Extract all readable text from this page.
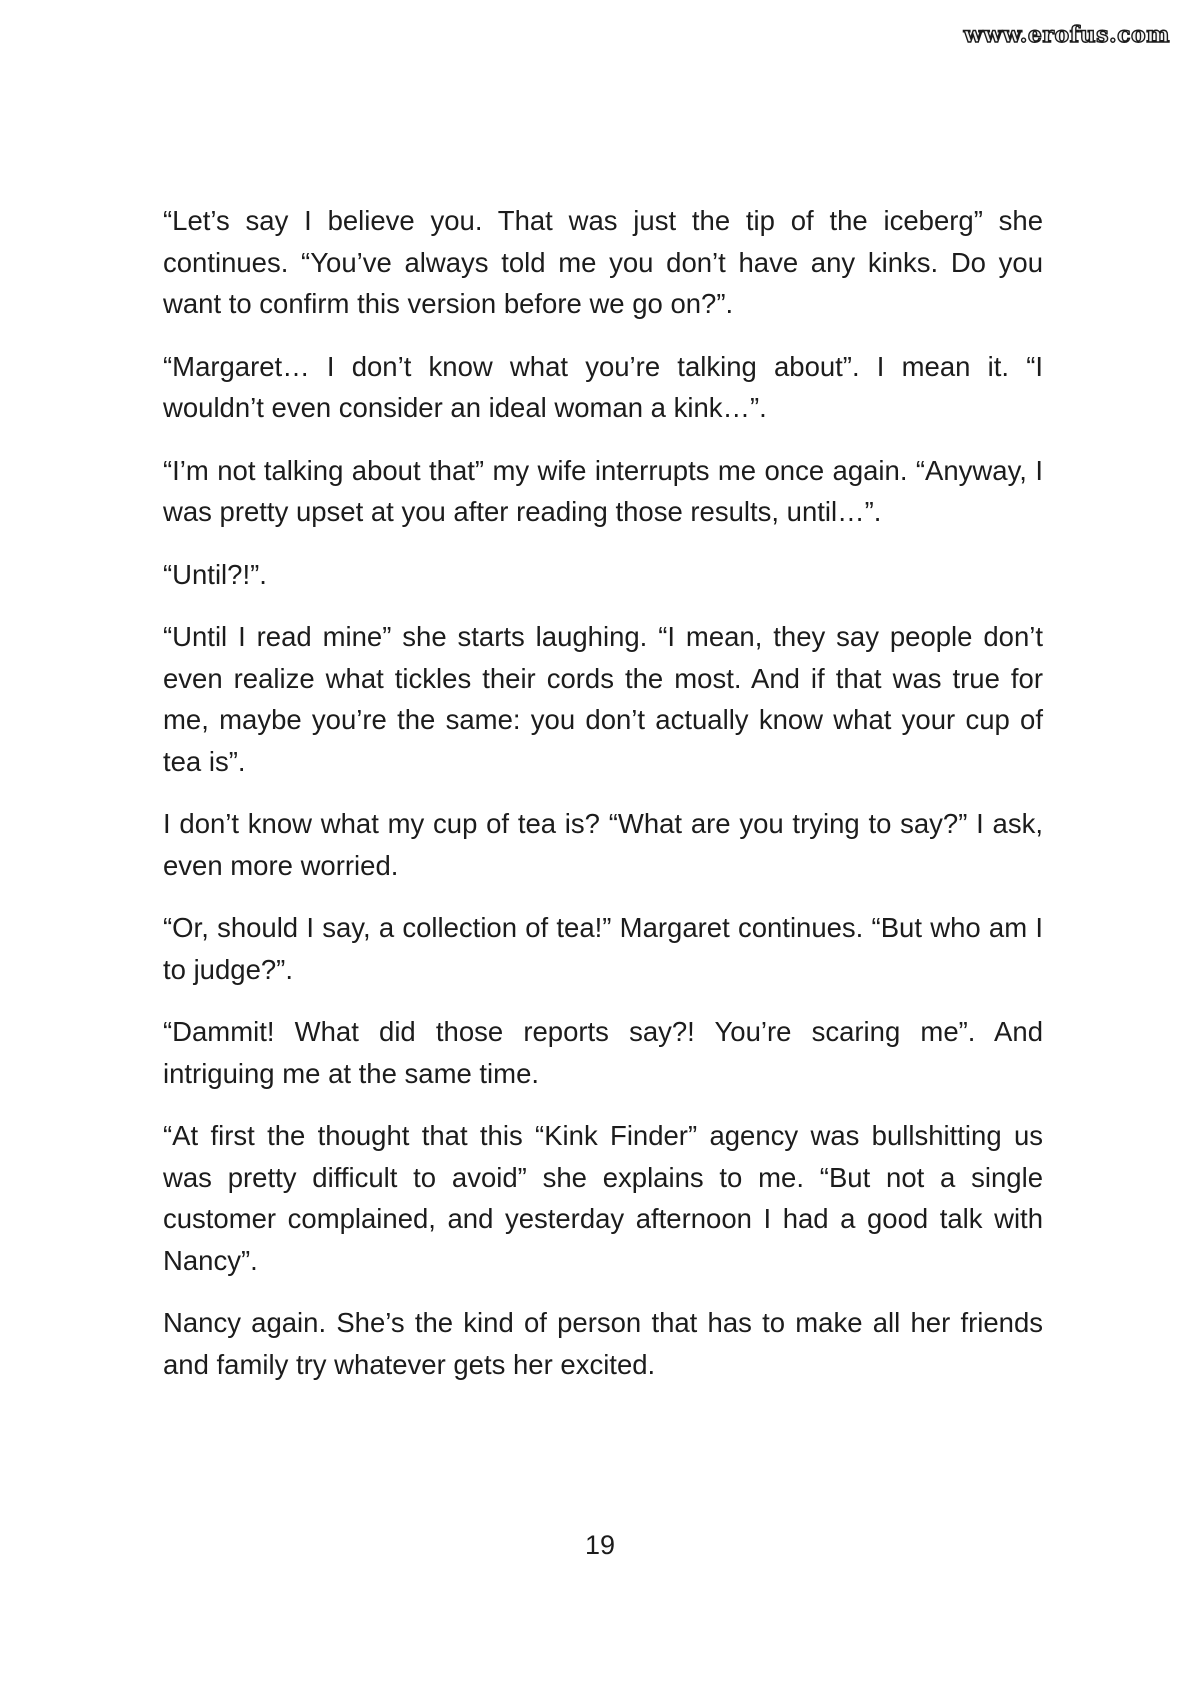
www.erofus.com

“Let’s say I believe you. That was just the tip of the iceberg” she continues. “You’ve always told me you don’t have any kinks. Do you want to confirm this version before we go on?”.

“Margaret… I don’t know what you’re talking about”. I mean it. “I wouldn’t even consider an ideal woman a kink…”.

“I’m not talking about that” my wife interrupts me once again. “Anyway, I was pretty upset at you after reading those results, until…”.

“Until?!”.

“Until I read mine” she starts laughing. “I mean, they say people don’t even realize what tickles their cords the most. And if that was true for me, maybe you’re the same: you don’t actually know what your cup of tea is”.

I don’t know what my cup of tea is? “What are you trying to say?” I ask, even more worried.

“Or, should I say, a collection of tea!” Margaret continues. “But who am I to judge?”.

“Dammit! What did those reports say?! You’re scaring me”. And intriguing me at the same time.

“At first the thought that this “Kink Finder” agency was bullshitting us was pretty difficult to avoid” she explains to me. “But not a single customer complained, and yesterday afternoon I had a good talk with Nancy”.

Nancy again. She’s the kind of person that has to make all her friends and family try whatever gets her excited.

19
